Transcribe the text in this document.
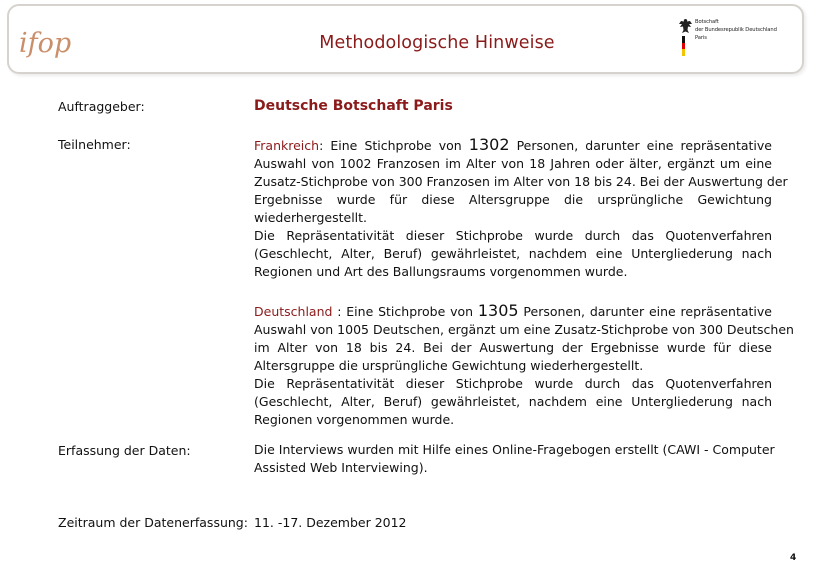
ifop	Methodologische Hinweise
Botschaft
der Bundesrepublik Deutschland
Paris
Auftraggeber:	Deutsche Botschaft Paris
Teilnehmer:	Frankreich: Eine Stichprobe von 1302 Personen, darunter eine repräsentative
Auswahl von 1002 Franzosen im Alter von 18 Jahren oder älter, ergänzt um eine
Zusatz-Stichprobe von 300 Franzosen im Alter von 18 bis 24. Bei der Auswertung der
Ergebnisse wurde für diese Altersgruppe die ursprüngliche Gewichtung
wiederhergestellt.
Die Repräsentativität dieser Stichprobe wurde durch das Quotenverfahren
(Geschlecht, Alter, Beruf) gewährleistet, nachdem eine Untergliederung nach
Regionen und Art des Ballungsraums vorgenommen wurde.
Deutschland : Eine Stichprobe von 1305 Personen, darunter eine repräsentative
Auswahl von 1005 Deutschen, ergänzt um eine Zusatz-Stichprobe von 300 Deutschen
im Alter von 18 bis 24. Bei der Auswertung der Ergebnisse wurde für diese
Altersgruppe die ursprüngliche Gewichtung wiederhergestellt.
Die Repräsentativität dieser Stichprobe wurde durch das Quotenverfahren
(Geschlecht, Alter, Beruf) gewährleistet, nachdem eine Untergliederung nach
Regionen vorgenommen wurde.
Erfassung der Daten:	Die Interviews wurden mit Hilfe eines Online-Fragebogen erstellt (CAWI - Computer
Assisted Web Interviewing).
Zeitraum der Datenerfassung: 11. -17. Dezember 2012
4
